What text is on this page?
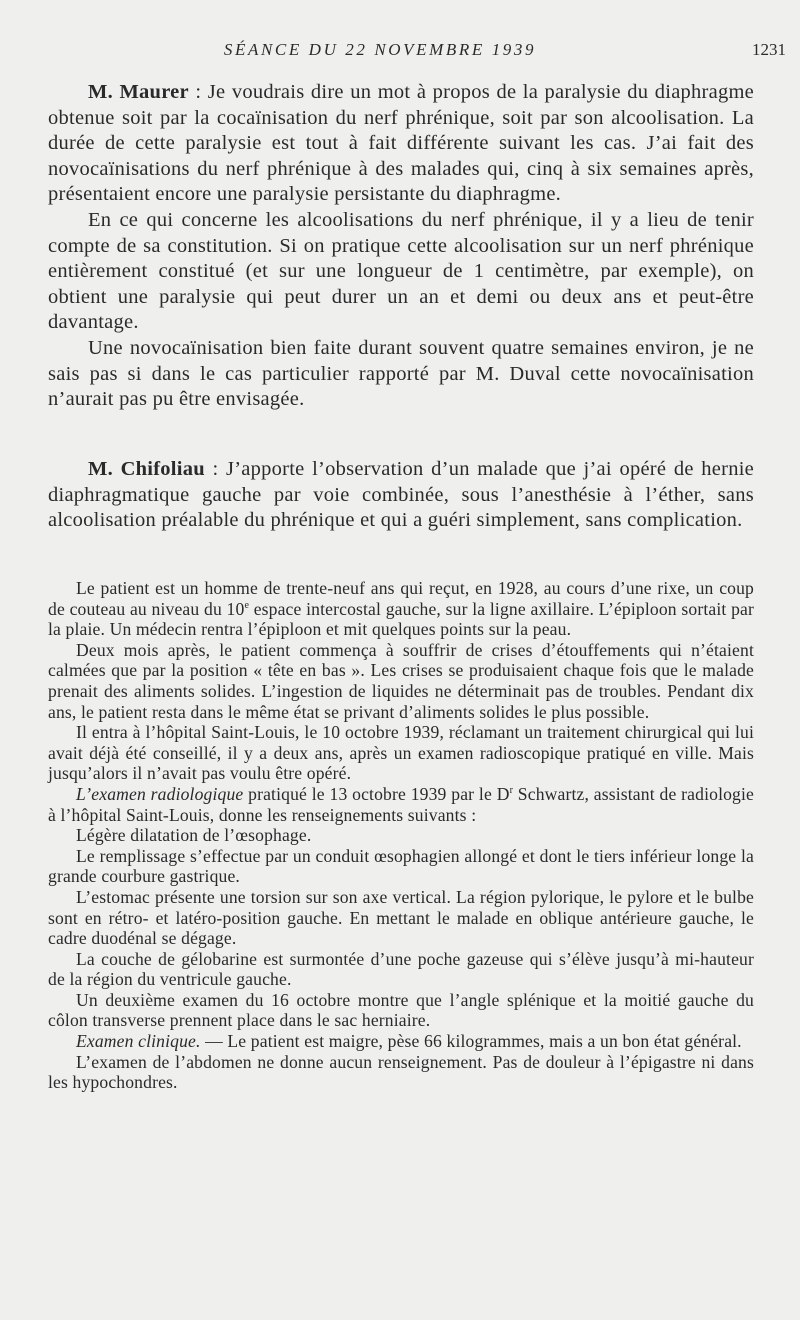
SÉANCE DU 22 NOVEMBRE 1939	1231

M. Maurer : Je voudrais dire un mot à propos de la paralysie du diaphragme obtenue soit par la cocaïnisation du nerf phrénique, soit par son alcoolisation. La durée de cette paralysie est tout à fait différente suivant les cas. J’ai fait des novocaïnisations du nerf phrénique à des malades qui, cinq à six semaines après, présentaient encore une paralysie persistante du diaphragme.

En ce qui concerne les alcoolisations du nerf phrénique, il y a lieu de tenir compte de sa constitution. Si on pratique cette alcoolisation sur un nerf phrénique entièrement constitué (et sur une longueur de 1 centimètre, par exemple), on obtient une paralysie qui peut durer un an et demi ou deux ans et peut-être davantage.

Une novocaïnisation bien faite durant souvent quatre semaines environ, je ne sais pas si dans le cas particulier rapporté par M. Duval cette novocaïnisation n’aurait pas pu être envisagée.

M. Chifoliau : J’apporte l’observation d’un malade que j’ai opéré de hernie diaphragmatique gauche par voie combinée, sous l’anesthésie à l’éther, sans alcoolisation préalable du phrénique et qui a guéri simplement, sans complication.

Le patient est un homme de trente-neuf ans qui reçut, en 1928, au cours d’une rixe, un coup de couteau au niveau du 10e espace intercostal gauche, sur la ligne axillaire. L’épiploon sortait par la plaie. Un médecin rentra l’épiploon et mit quelques points sur la peau.

Deux mois après, le patient commença à souffrir de crises d’étouffements qui n’étaient calmées que par la position « tête en bas ». Les crises se produisaient chaque fois que le malade prenait des aliments solides. L’ingestion de liquides ne déterminait pas de troubles. Pendant dix ans, le patient resta dans le même état se privant d’aliments solides le plus possible.

Il entra à l’hôpital Saint-Louis, le 10 octobre 1939, réclamant un traitement chirurgical qui lui avait déjà été conseillé, il y a deux ans, après un examen radioscopique pratiqué en ville. Mais jusqu’alors il n’avait pas voulu être opéré.

L’examen radiologique pratiqué le 13 octobre 1939 par le $D^r$ Schwartz, assistant de radiologie à l’hôpital Saint-Louis, donne les renseignements suivants :

Légère dilatation de l’œsophage.

Le remplissage s’effectue par un conduit œsophagien allongé et dont le tiers inférieur longe la grande courbure gastrique.

L’estomac présente une torsion sur son axe vertical. La région pylorique, le pylore et le bulbe sont en rétro- et latéro-position gauche. En mettant le malade en oblique antérieure gauche, le cadre duodénal se dégage.

La couche de gélobarine est surmontée d’une poche gazeuse qui s’élève jusqu’à mi-hauteur de la région du ventricule gauche.

Un deuxième examen du 16 octobre montre que l’angle splénique et la moitié gauche du côlon transverse prennent place dans le sac herniaire.

Examen clinique. — Le patient est maigre, pèse 66 kilogrammes, mais a un bon état général.

L’examen de l’abdomen ne donne aucun renseignement. Pas de douleur à l’épigastre ni dans les hypochondres.
